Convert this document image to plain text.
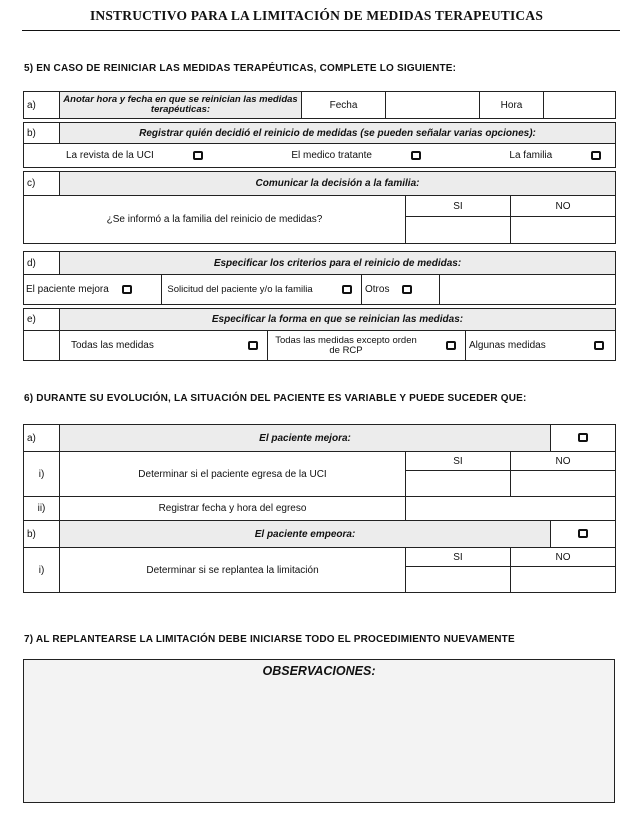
INSTRUCTIVO PARA LA LIMITACIÓN DE MEDIDAS TERAPEUTICAS
5) EN CASO DE REINICIAR LAS MEDIDAS TERAPÉUTICAS, COMPLETE LO SIGUIENTE:
a)	Anotar hora y fecha en que se reinician las medidas terapéuticas:	Fecha		Hora	
b)	Registrar quién decidió el reinicio de medidas (se pueden señalar varias opciones):

La revista de la UCI	El medico tratante	La familia
c)	Comunicar la decisión a la familia:		
¿Se informó a la familia del reinicio de medidas?		SI	NO

d)	Especificar los criterios para el reinicio de medidas:
El paciente mejora	Solicitud del paciente y/o la familia	Otros	
e)	Especificar la forma en que se reinician las medidas:

Todas las medidas	Todas las medidas excepto orden de RCP	Algunas medidas
6) DURANTE SU EVOLUCIÓN, LA SITUACIÓN DEL PACIENTE ES VARIABLE Y PUEDE SUCEDER QUE:
a)	El paciente mejora:			
i)	Determinar si el paciente egresa de la UCI	SI	NO	

ii)	Registrar fecha y hora del egreso			
b)	El paciente empeora:			
i)	Determinar si se replantea la limitación	SI	NO	

7) AL REPLANTEARSE LA LIMITACIÓN DEBE INICIARSE TODO EL PROCEDIMIENTO NUEVAMENTE
OBSERVACIONES:
